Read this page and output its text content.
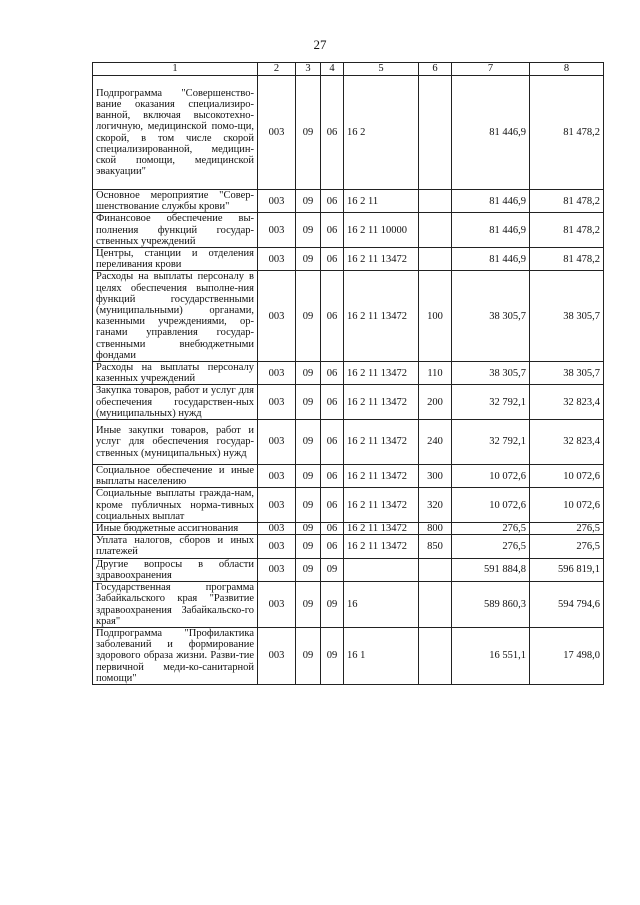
27
1	2	3	4	5	6	7	8
Подпрограмма "Совершенство-вание оказания специализиро-ванной, включая высокотехно-логичную, медицинской помо-щи, скорой, в том числе скорой специализированной, медицин-ской помощи, медицинской эвакуации"	003	09	06	16 2		81 446,9	81 478,2
Основное мероприятие "Совер-шенствование службы крови"	003	09	06	16 2 11		81 446,9	81 478,2
Финансовое обеспечение вы-полнения функций государ-ственных учреждений	003	09	06	16 2 11 10000		81 446,9	81 478,2
Центры, станции и отделения переливания крови	003	09	06	16 2 11 13472		81 446,9	81 478,2
Расходы на выплаты персоналу в целях обеспечения выполне-ния функций государственными (муниципальными) органами, казенными учреждениями, ор-ганами управления государ-ственными внебюджетными фондами	003	09	06	16 2 11 13472	100	38 305,7	38 305,7
Расходы на выплаты персоналу казенных учреждений	003	09	06	16 2 11 13472	110	38 305,7	38 305,7
Закупка товаров, работ и услуг для обеспечения государствен-ных (муниципальных) нужд	003	09	06	16 2 11 13472	200	32 792,1	32 823,4
Иные закупки товаров, работ и услуг для обеспечения государ-ственных (муниципальных) нужд	003	09	06	16 2 11 13472	240	32 792,1	32 823,4
Социальное обеспечение и иные выплаты населению	003	09	06	16 2 11 13472	300	10 072,6	10 072,6
Социальные выплаты гражда-нам, кроме публичных норма-тивных социальных выплат	003	09	06	16 2 11 13472	320	10 072,6	10 072,6
Иные бюджетные ассигнования	003	09	06	16 2 11 13472	800	276,5	276,5
Уплата налогов, сборов и иных платежей	003	09	06	16 2 11 13472	850	276,5	276,5
Другие вопросы в области здравоохранения	003	09	09			591 884,8	596 819,1
Государственная программа Забайкальского края "Развитие здравоохранения Забайкальско-го края"	003	09	09	16		589 860,3	594 794,6
Подпрограмма "Профилактика заболеваний и формирование здорового образа жизни. Разви-тие первичной меди-ко-санитарной помощи"	003	09	09	16 1		16 551,1	17 498,0
